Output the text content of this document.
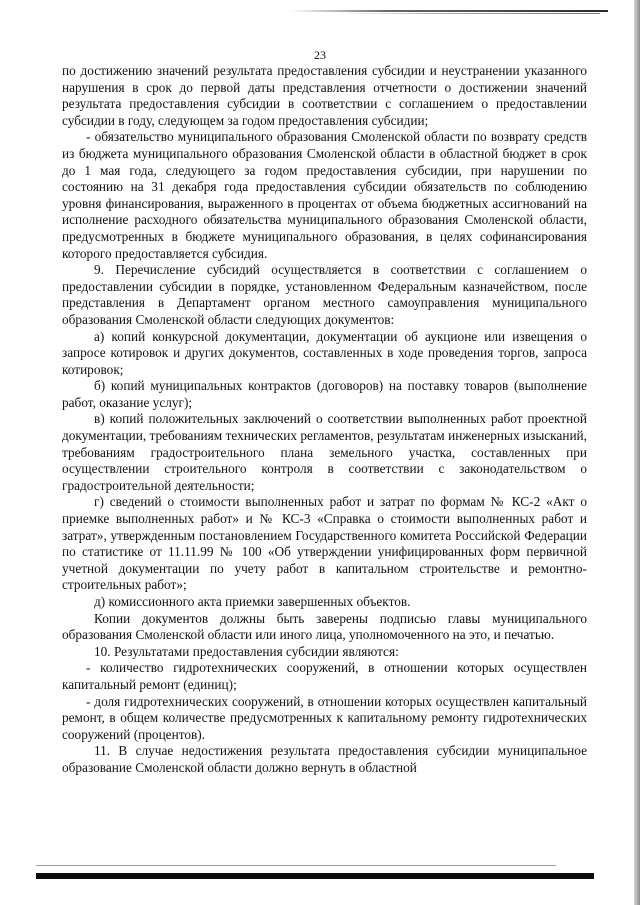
23

по достижению значений результата предоставления субсидии и неустранении указанного нарушения в срок до первой даты представления отчетности о достижении значений результата предоставления субсидии в соответствии с соглашением о предоставлении субсидии в году, следующем за годом предоставления субсидии;

- обязательство муниципального образования Смоленской области по возврату средств из бюджета муниципального образования Смоленской области в областной бюджет в срок до 1 мая года, следующего за годом предоставления субсидии, при нарушении по состоянию на 31 декабря года предоставления субсидии обязательств по соблюдению уровня финансирования, выраженного в процентах от объема бюджетных ассигнований на исполнение расходного обязательства муниципального образования Смоленской области, предусмотренных в бюджете муниципального образования, в целях софинансирования которого предоставляется субсидия.

9. Перечисление субсидий осуществляется в соответствии с соглашением о предоставлении субсидии в порядке, установленном Федеральным казначейством, после представления в Департамент органом местного самоуправления муниципального образования Смоленской области следующих документов:

а) копий конкурсной документации, документации об аукционе или извещения о запросе котировок и других документов, составленных в ходе проведения торгов, запроса котировок;

б) копий муниципальных контрактов (договоров) на поставку товаров (выполнение работ, оказание услуг);

в) копий положительных заключений о соответствии выполненных работ проектной документации, требованиям технических регламентов, результатам инженерных изысканий, требованиям градостроительного плана земельного участка, составленных при осуществлении строительного контроля в соответствии с законодательством о градостроительной деятельности;

г) сведений о стоимости выполненных работ и затрат по формам № КС-2 «Акт о приемке выполненных работ» и № КС-3 «Справка о стоимости выполненных работ и затрат», утвержденным постановлением Государственного комитета Российской Федерации по статистике от 11.11.99 № 100 «Об утверждении унифицированных форм первичной учетной документации по учету работ в капитальном строительстве и ремонтно-строительных работ»;

д) комиссионного акта приемки завершенных объектов.

Копии документов должны быть заверены подписью главы муниципального образования Смоленской области или иного лица, уполномоченного на это, и печатью.

10. Результатами предоставления субсидии являются:

- количество гидротехнических сооружений, в отношении которых осуществлен капитальный ремонт (единиц);

- доля гидротехнических сооружений, в отношении которых осуществлен капитальный ремонт, в общем количестве предусмотренных к капитальному ремонту гидротехнических сооружений (процентов).

11. В случае недостижения результата предоставления субсидии муниципальное образование Смоленской области должно вернуть в областной
